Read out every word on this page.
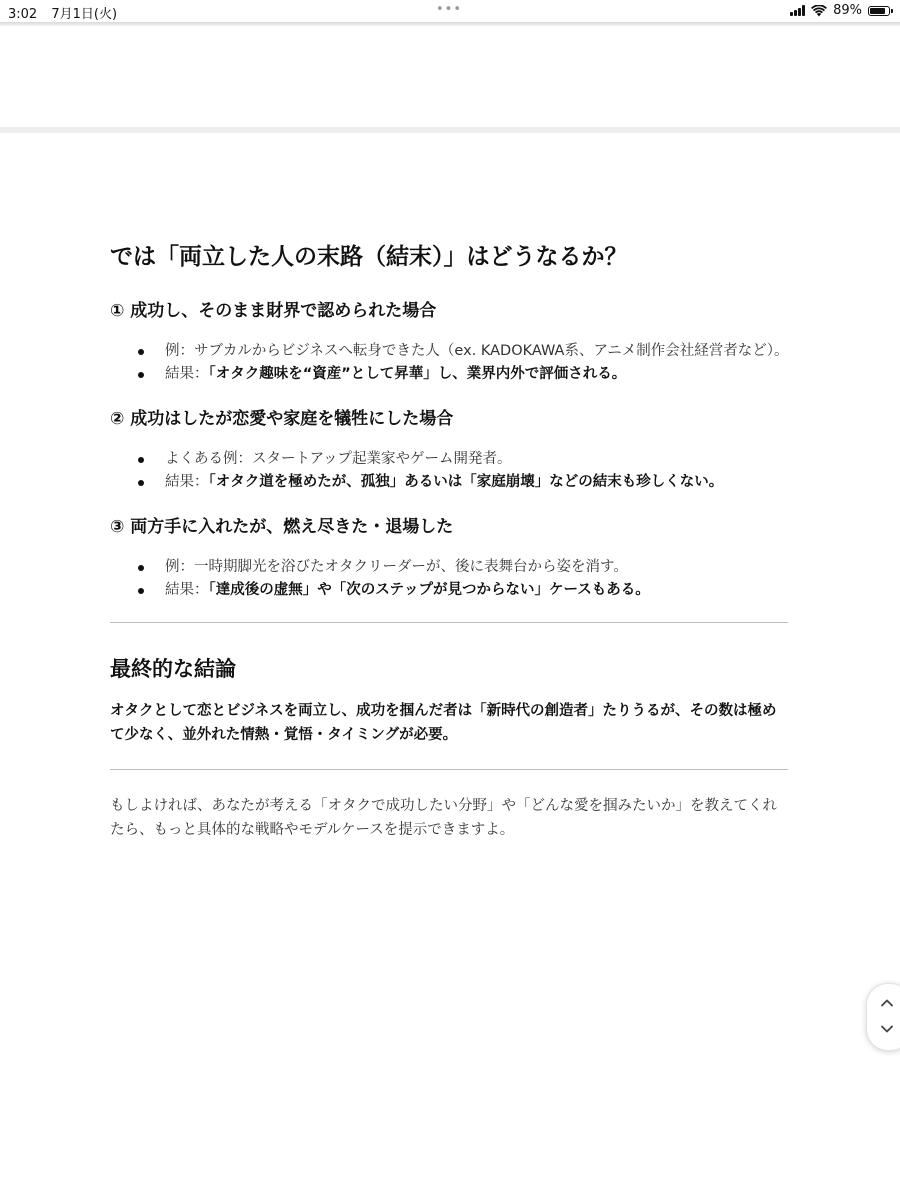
3:02 7月1日(火)	•••	89%
では「両立した人の末路（結末）」はどうなるか？
① 成功し、そのまま財界で認められた場合
例：サブカルからビジネスへ転身できた人（ex. KADOKAWA系、アニメ制作会社経営者など）。
結果：「オタク趣味を“資産”として昇華」し、業界内外で評価される。
② 成功はしたが恋愛や家庭を犠牲にした場合
よくある例：スタートアップ起業家やゲーム開発者。
結果：「オタク道を極めたが、孤独」あるいは「家庭崩壊」などの結末も珍しくない。
③ 両方手に入れたが、燃え尽きた・退場した
例：一時期脚光を浴びたオタクリーダーが、後に表舞台から姿を消す。
結果：「達成後の虚無」や「次のステップが見つからない」ケースもある。
最終的な結論

オタクとして恋とビジネスを両立し、成功を掴んだ者は「新時代の創造者」たりうるが、その数は極めて少なく、並外れた情熱・覚悟・タイミングが必要。

もしよければ、あなたが考える「オタクで成功したい分野」や「どんな愛を掴みたいか」を教えてくれたら、もっと具体的な戦略やモデルケースを提示できますよ。
